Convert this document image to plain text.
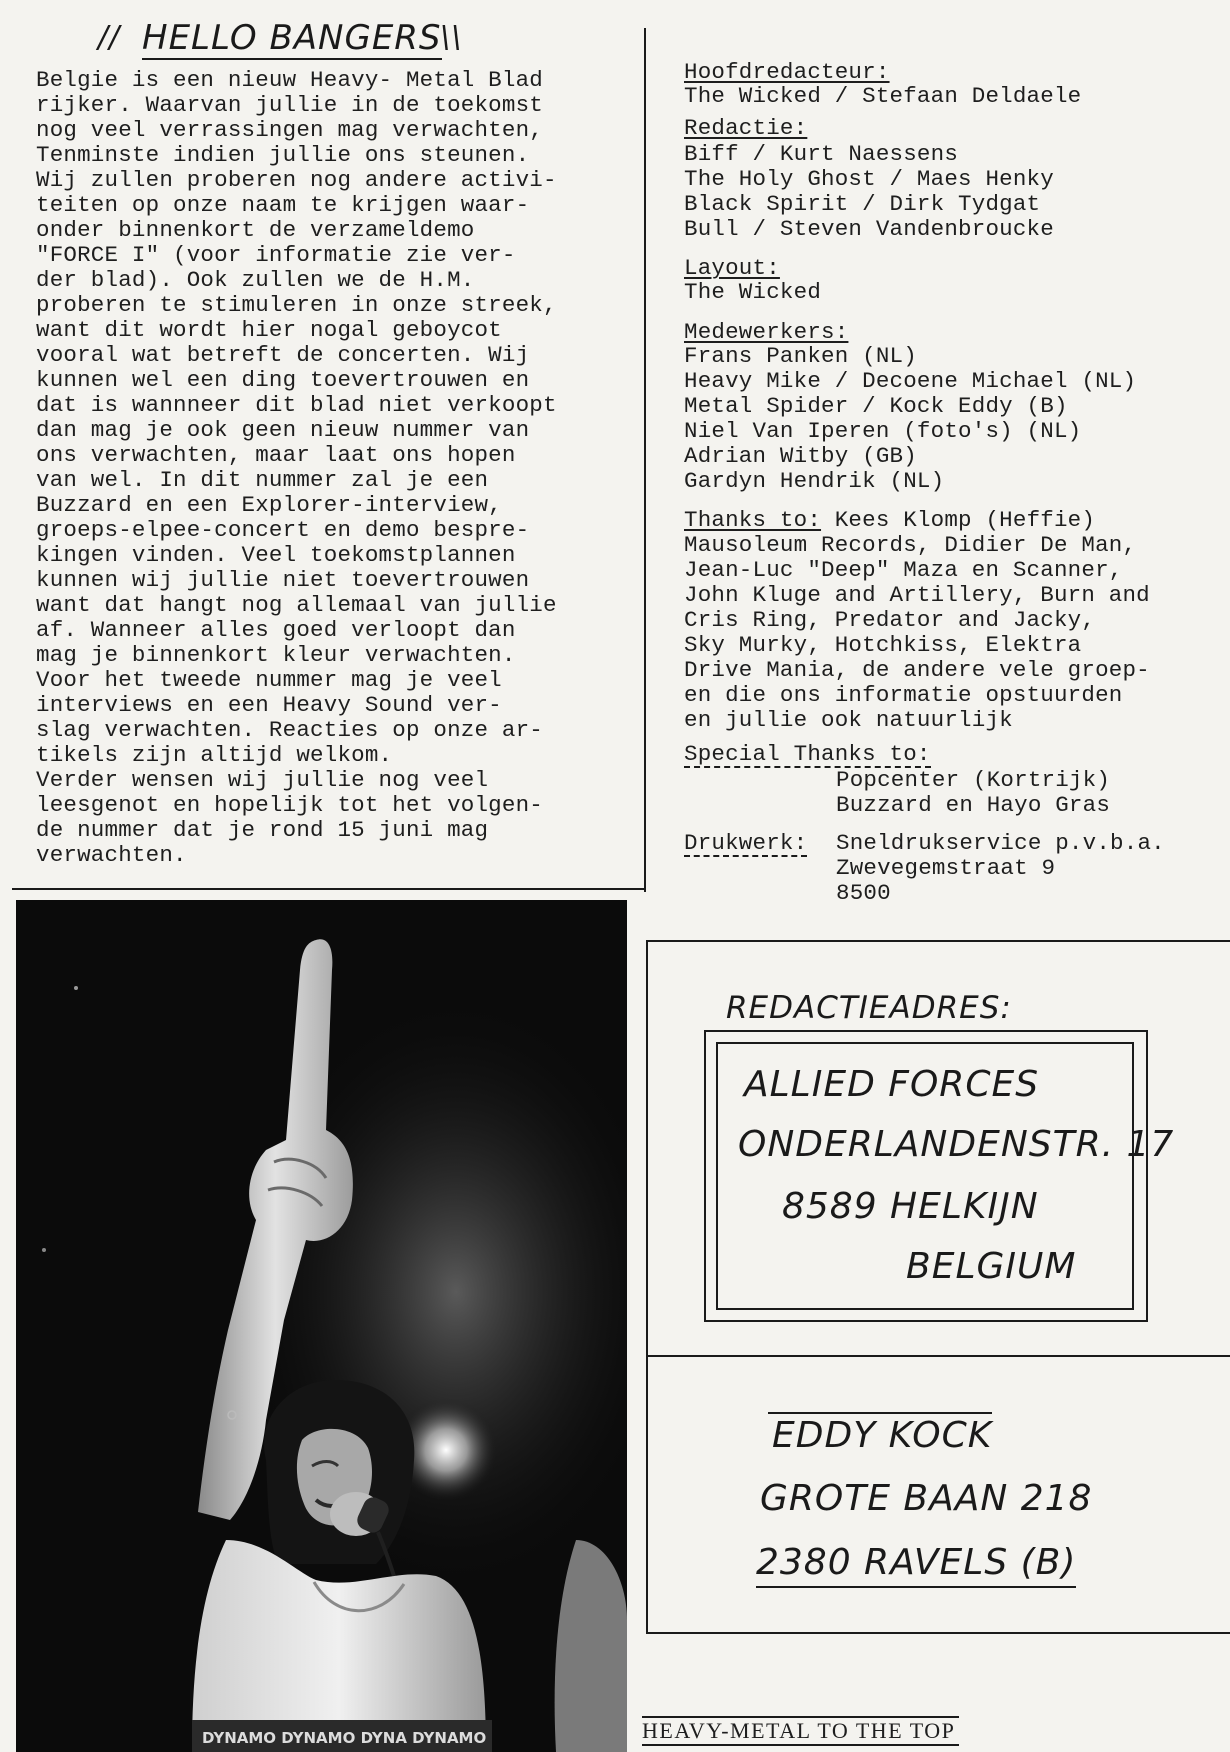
// HELLO BANGERS
\\
Belgie is een nieuw Heavy- Metal Blad
rijker. Waarvan jullie in de toekomst
nog veel verrassingen mag verwachten,
Tenminste indien jullie ons steunen.
Wij zullen proberen nog andere activi-
teiten op onze naam te krijgen waar-
onder binnenkort de verzameldemo
"FORCE I" (voor informatie zie ver-
der blad). Ook zullen we de H.M.
proberen te stimuleren in onze streek,
want dit wordt hier nogal geboycot
vooral wat betreft de concerten. Wij
kunnen wel een ding toevertrouwen en
dat is wannneer dit blad niet verkoopt
dan mag je ook geen nieuw nummer van
ons verwachten, maar laat ons hopen
van wel. In dit nummer zal je een
Buzzard en een Explorer-interview,
groeps-elpee-concert en demo bespre-
kingen vinden. Veel toekomstplannen
kunnen wij jullie niet toevertrouwen
want dat hangt nog allemaal van jullie
af. Wanneer alles goed verloopt dan
mag je binnenkort kleur verwachten.
Voor het tweede nummer mag je veel
interviews en een Heavy Sound ver-
slag verwachten. Reacties op onze ar-
tikels zijn altijd welkom.
Verder wensen wij jullie nog veel
leesgenot en hopelijk tot het volgen-
de nummer dat je rond 15 juni mag
verwachten.
Hoofdredacteur:
The Wicked / Stefaan Deldaele
Redactie:
Biff / Kurt Naessens
The Holy Ghost / Maes Henky
Black Spirit / Dirk Tydgat
Bull / Steven Vandenbroucke
Layout:
The Wicked
Medewerkers:
Frans Panken (NL)
Heavy Mike / Decoene Michael (NL)
Metal Spider / Kock Eddy (B)
Niel Van Iperen (foto's) (NL)
Adrian Witby (GB)
Gardyn Hendrik (NL)
Thanks to: Kees Klomp (Heffie)
Mausoleum Records, Didier De Man,
Jean-Luc "Deep" Maza en Scanner,
John Kluge and Artillery, Burn and
Cris Ring, Predator and Jacky,
Sky Murky, Hotchkiss, Elektra
Drive Mania, de andere vele groep-
en die ons informatie opstuurden
en jullie ook natuurlijk
Special Thanks to:
Popcenter (Kortrijk)
Buzzard en Hayo Gras
Drukwerk: Sneldrukservice p.v.b.a.
Zwevegemstraat 9
8500
DYNAMO DYNAMO DYNA DYNAMO
REDACTIEADRES:
ALLIED FORCES
ONDERLANDENSTR. 17
8589 HELKIJN
BELGIUM
EDDY KOCK
GROTE BAAN 218
2380 RAVELS (B)
HEAVY-METAL TO THE TOP
